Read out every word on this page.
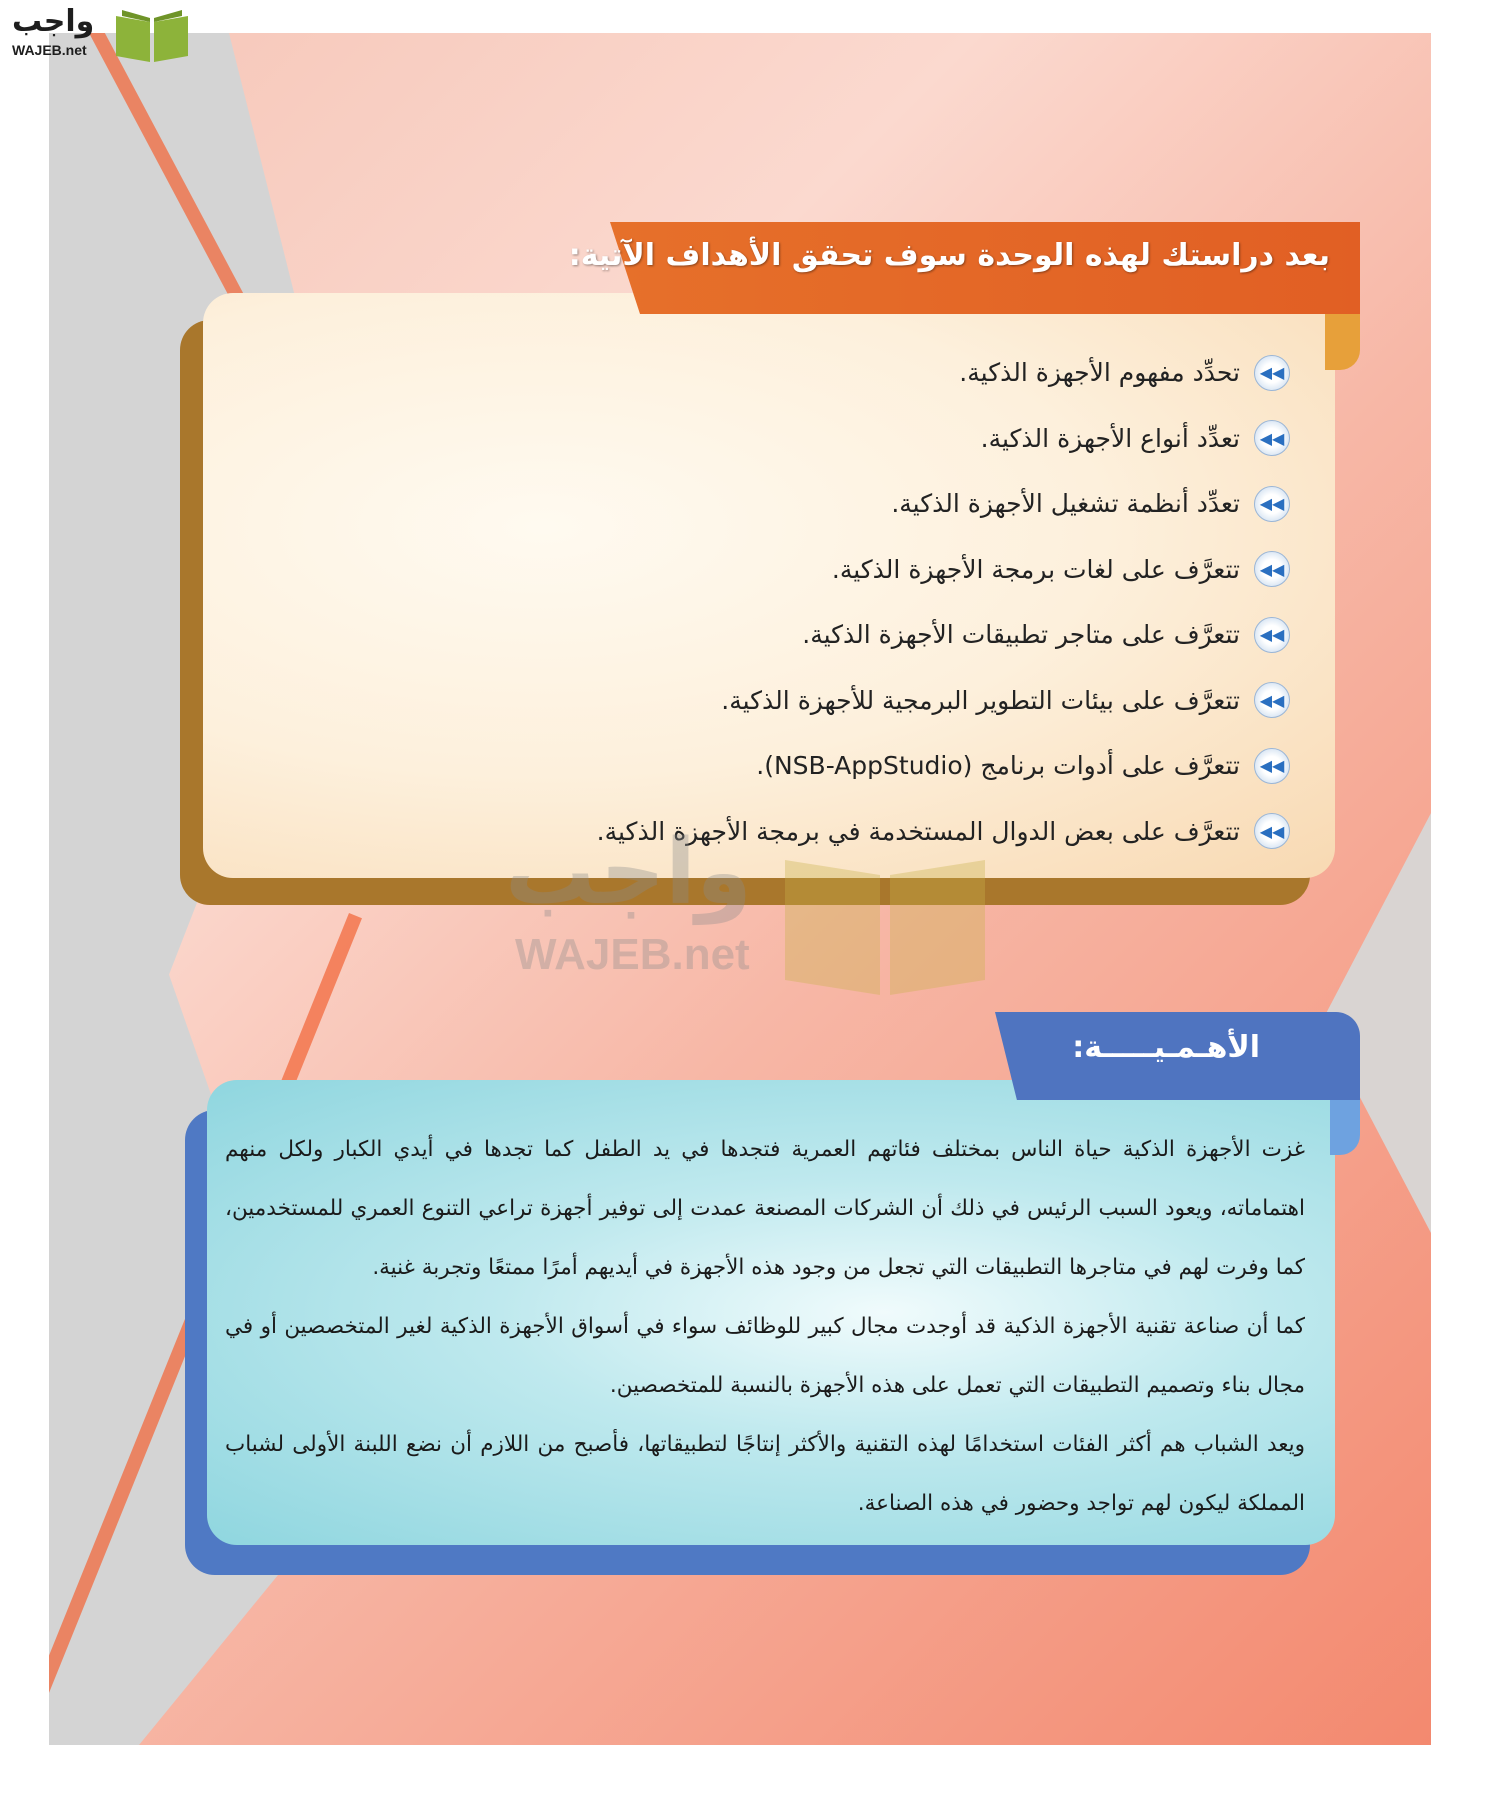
واجب
WAJEB.net
بعد دراستك لهذه الوحدة سوف تحقق الأهداف الآتية:
◀◀
تحدِّد مفهوم الأجهزة الذكية.
◀◀
تعدِّد أنواع الأجهزة الذكية.
◀◀
تعدِّد أنظمة تشغيل الأجهزة الذكية.
◀◀
تتعرَّف على لغات برمجة الأجهزة الذكية.
◀◀
تتعرَّف على متاجر تطبيقات الأجهزة الذكية.
◀◀
تتعرَّف على بيئات التطوير البرمجية للأجهزة الذكية.
◀◀
تتعرَّف على أدوات برنامج (NSB-AppStudio).
◀◀
تتعرَّف على بعض الدوال المستخدمة في برمجة الأجهزة الذكية.
واجب
WAJEB.net
الأهـمـيـــــة:

غزت الأجهزة الذكية حياة الناس بمختلف فئاتهم العمرية فتجدها في يد الطفل كما تجدها في أيدي الكبار ولكل منهم اهتماماته، ويعود السبب الرئيس في ذلك أن الشركات المصنعة عمدت إلى توفير أجهزة تراعي التنوع العمري للمستخدمين، كما وفرت لهم في متاجرها التطبيقات التي تجعل من وجود هذه الأجهزة في أيديهم أمرًا ممتعًا وتجربة غنية.

كما أن صناعة تقنية الأجهزة الذكية قد أوجدت مجال كبير للوظائف سواء في أسواق الأجهزة الذكية لغير المتخصصين أو في مجال بناء وتصميم التطبيقات التي تعمل على هذه الأجهزة بالنسبة للمتخصصين.

ويعد الشباب هم أكثر الفئات استخدامًا لهذه التقنية والأكثر إنتاجًا لتطبيقاتها، فأصبح من اللازم أن نضع اللبنة الأولى لشباب المملكة ليكون لهم تواجد وحضور في هذه الصناعة.
